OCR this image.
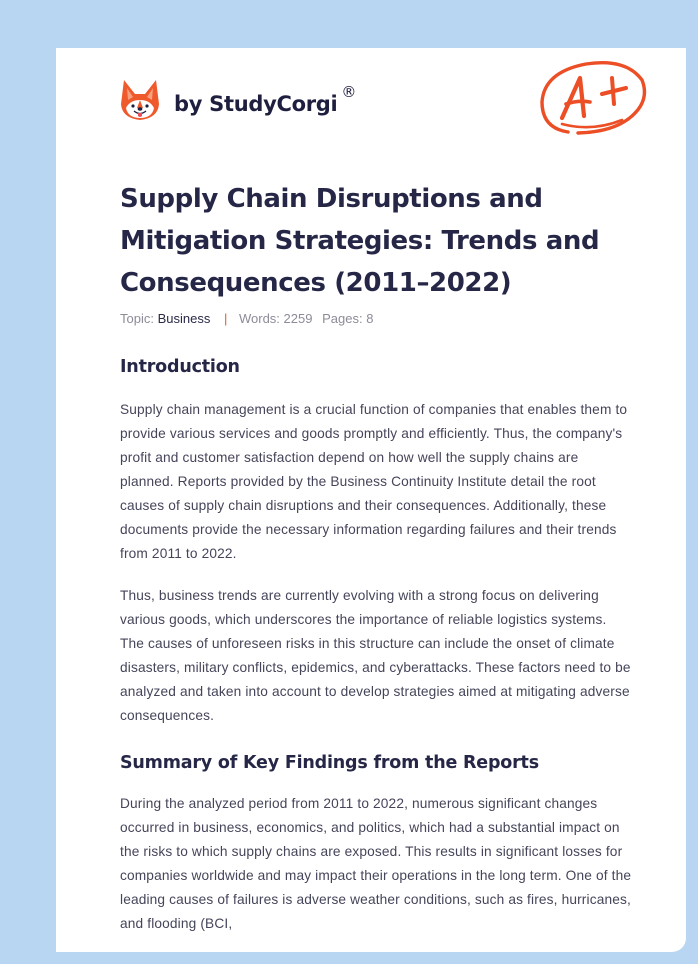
by StudyCorgi ®
Supply Chain Disruptions and Mitigation Strategies: Trends and Consequences (2011–2022)
Topic: Business | Words: 2259 Pages: 8
Introduction

Supply chain management is a crucial function of companies that enables them to provide various services and goods promptly and efficiently. Thus, the company's profit and customer satisfaction depend on how well the supply chains are planned. Reports provided by the Business Continuity Institute detail the root causes of supply chain disruptions and their consequences. Additionally, these documents provide the necessary information regarding failures and their trends from 2011 to 2022.

Thus, business trends are currently evolving with a strong focus on delivering various goods, which underscores the importance of reliable logistics systems. The causes of unforeseen risks in this structure can include the onset of climate disasters, military conflicts, epidemics, and cyberattacks. These factors need to be analyzed and taken into account to develop strategies aimed at mitigating adverse consequences.

Summary of Key Findings from the Reports

During the analyzed period from 2011 to 2022, numerous significant changes occurred in business, economics, and politics, which had a substantial impact on the risks to which supply chains are exposed. This results in significant losses for companies worldwide and may impact their operations in the long term. One of the leading causes of failures is adverse weather conditions, such as fires, hurricanes, and flooding (BCI,
